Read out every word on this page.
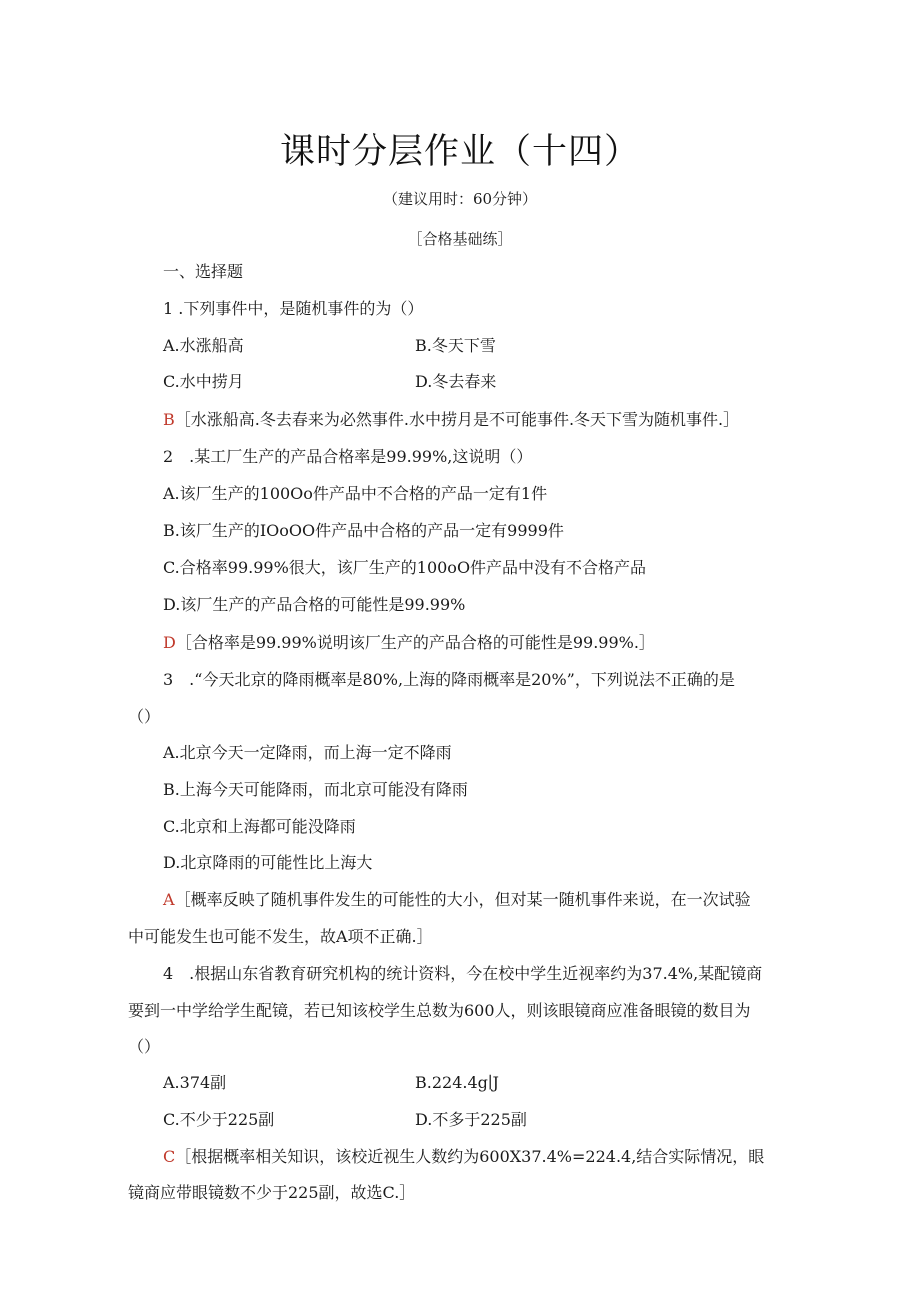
课时分层作业（十四）
（建议用时：60分钟）
［合格基础练］
一、选择题
1 .下列事件中，是随机事件的为（）
A.水涨船高	B.冬天下雪
C.水中捞月	D.冬去春来
B［水涨船高.冬去春来为必然事件.水中捞月是不可能事件.冬天下雪为随机事件.］
2　.某工厂生产的产品合格率是99.99%,这说明（）
A.该厂生产的100Oo件产品中不合格的产品一定有1件
B.该厂生产的IOoOO件产品中合格的产品一定有9999件
C.合格率99.99%很大，该厂生产的100oO件产品中没有不合格产品
D.该厂生产的产品合格的可能性是99.99%
D［合格率是99.99%说明该厂生产的产品合格的可能性是99.99%.］
3　.“今天北京的降雨概率是80%,上海的降雨概率是20%”，下列说法不正确的是
（）
A.北京今天一定降雨，而上海一定不降雨
B.上海今天可能降雨，而北京可能没有降雨
C.北京和上海都可能没降雨
D.北京降雨的可能性比上海大
A［概率反映了随机事件发生的可能性的大小，但对某一随机事件来说，在一次试验
中可能发生也可能不发生，故A项不正确.］
4　.根据山东省教育研究机构的统计资料，今在校中学生近视率约为37.4%,某配镜商
要到一中学给学生配镜，若已知该校学生总数为600人，则该眼镜商应准备眼镜的数目为
（）
A.374副	B.224.4g∣J
C.不少于225副	D.不多于225副
C［根据概率相关知识，该校近视生人数约为600X37.4%=224.4,结合实际情况，眼
镜商应带眼镜数不少于225副，故选C.］
